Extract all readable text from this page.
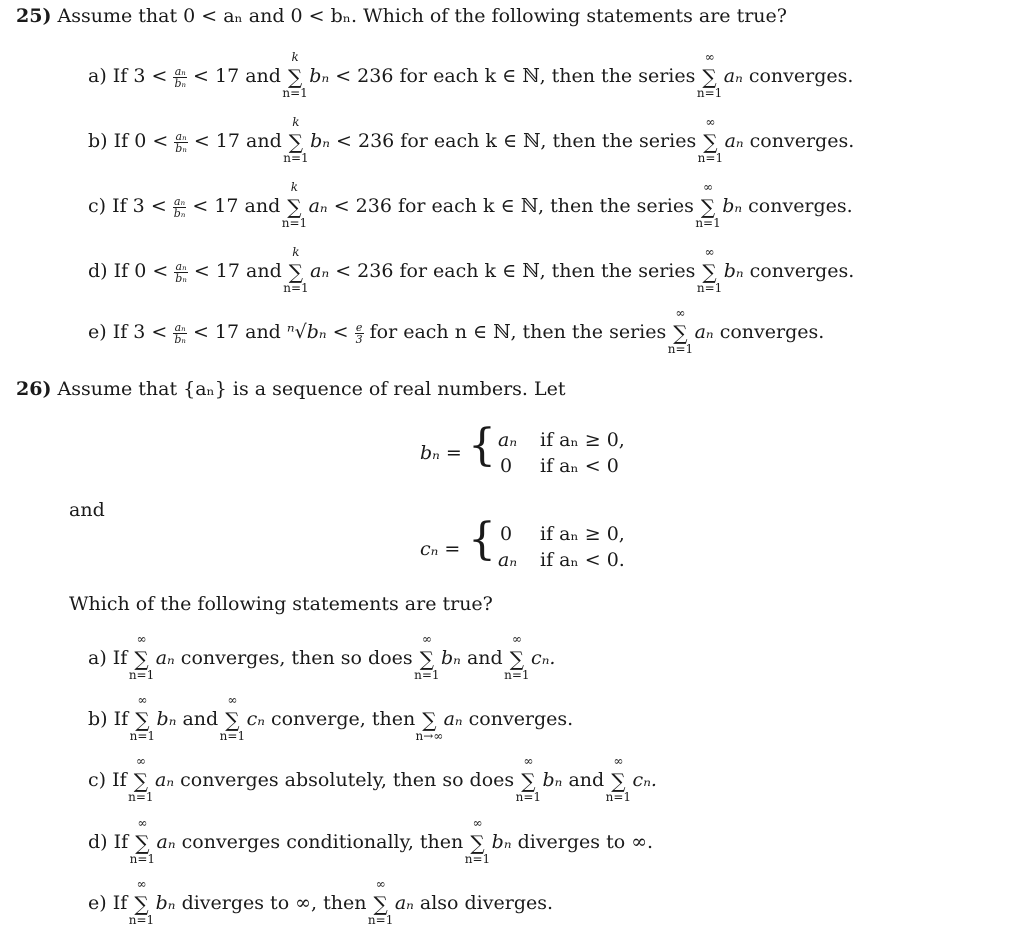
25) Assume that 0 < aₙ and 0 < bₙ. Which of the following statements are true?
a) If $3 < \frac{\text{aₙ}}{\text{bₙ}} < 17$ and
k
∑
n=1
bₙ < 236 for each k ∈ ℕ, then the series
∞
∑
n=1
aₙ converges.
b) If $0 < \frac{\text{aₙ}}{\text{bₙ}} < 17$ and
k
∑
n=1
bₙ < 236 for each k ∈ ℕ, then the series
∞
∑
n=1
aₙ converges.
c) If $3 < \frac{\text{aₙ}}{\text{bₙ}} < 17$ and
k
∑
n=1
aₙ < 236 for each k ∈ ℕ, then the series
∞
∑
n=1
bₙ converges.
d) If $0 < \frac{\text{aₙ}}{\text{bₙ}} < 17$ and
k
∑
n=1
aₙ < 236 for each k ∈ ℕ, then the series
∞
∑
n=1
bₙ converges.
e) If $3 < \frac{\text{aₙ}}{\text{bₙ}} < 17$ and $^n√b_n < \frac{e}{3}$ for each n ∈ ℕ, then the series
∞
∑
n=1
aₙ converges.
26) Assume that {aₙ} is a sequence of real numbers. Let
bₙ = { aₙ if aₙ ≥ 0,
0 if aₙ < 0
and
cₙ = { 0 if aₙ ≥ 0,
aₙ if aₙ < 0.
Which of the following statements are true?
a) If
∞
∑
n=1
aₙ converges, then so does
∞
∑
n=1
bₙ and
∞
∑
n=1
cₙ.
b) If
∞
∑
n=1
bₙ and
∞
∑
n=1
cₙ converge, then ∑
n→∞
aₙ converges.
c) If
∞
∑
n=1
aₙ converges absolutely, then so does
∞
∑
n=1
bₙ and
∞
∑
n=1
cₙ.
d) If
∞
∑
n=1
aₙ converges conditionally, then
∞
∑
n=1
bₙ diverges to ∞.
e) If
∞
∑
n=1
bₙ diverges to ∞, then
∞
∑
n=1
aₙ also diverges.
